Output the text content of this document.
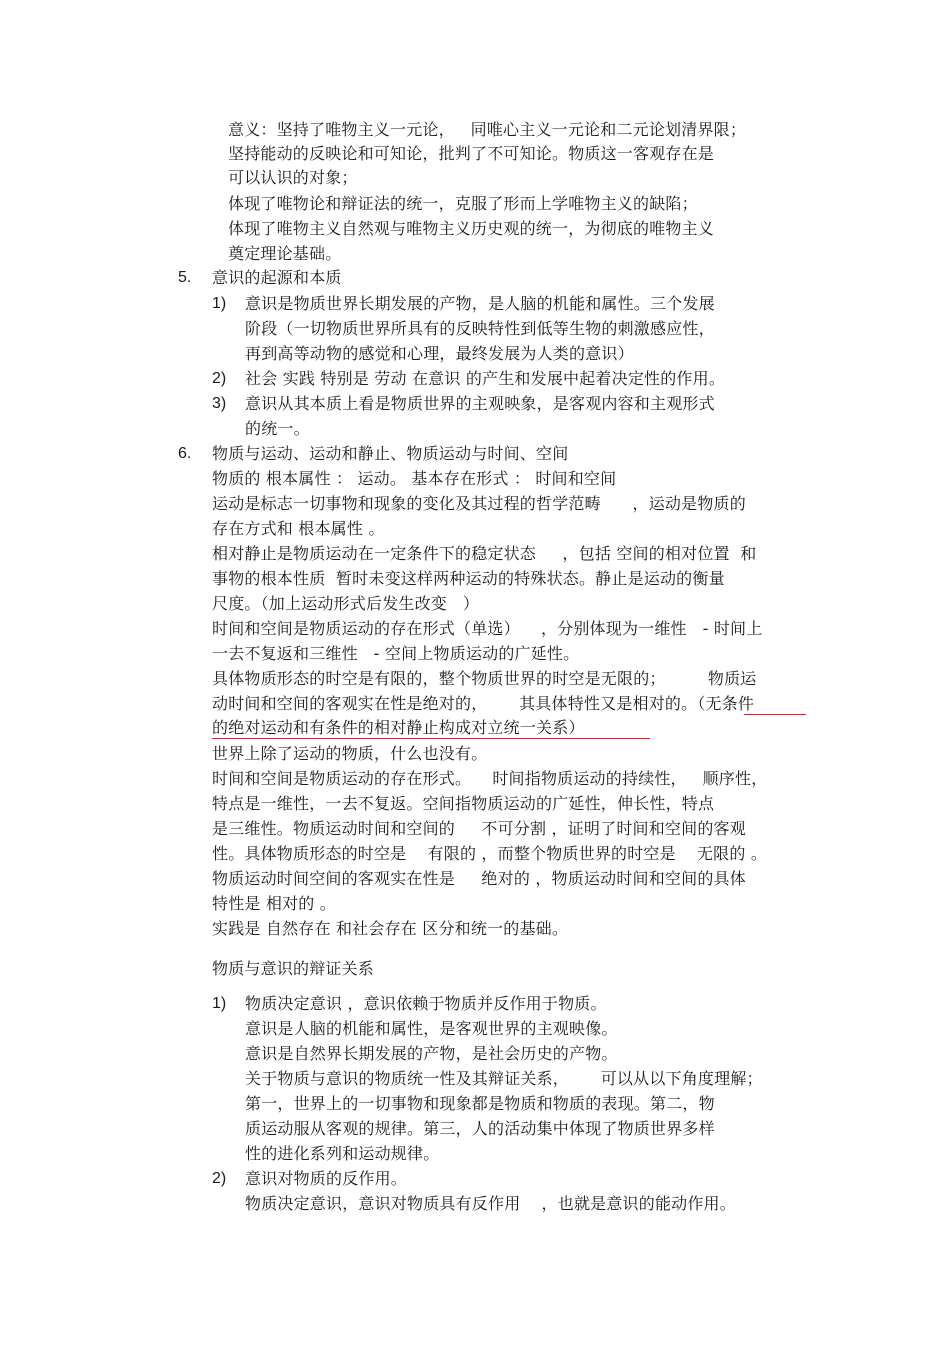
意义：坚持了唯物主义一元论，   同唯心主义一元论和二元论划清界限；
坚持能动的反映论和可知论，批判了不可知论。物质这一客观存在是
可以认识的对象；
体现了唯物论和辩证法的统一，克服了形而上学唯物主义的缺陷；
体现了唯物主义自然观与唯物主义历史观的统一，为彻底的唯物主义
奠定理论基础。
5. 意识的起源和本质
1) 意识是物质世界长期发展的产物，是人脑的机能和属性。三个发展
阶段（一切物质世界所具有的反映特性到低等生物的刺激感应性，
再到高等动物的感觉和心理，最终发展为人类的意识）
2) 社会 实践 特别是 劳动 在意识 的产生和发展中起着决定性的作用。
3) 意识从其本质上看是物质世界的主观映象，是客观内容和主观形式
的统一。
6. 物质与运动、运动和静止、物质运动与时间、空间
物质的 根本属性 ： 运动。 基本存在形式 ： 时间和空间
运动是标志一切事物和现象的变化及其过程的哲学范畴      ，运动是物质的
存在方式和 根本属性 。
相对静止是物质运动在一定条件下的稳定状态     ，包括 空间的相对位置  和
事物的根本性质  暂时未变这样两种运动的特殊状态。静止是运动的衡量
尺度。（加上运动形式后发生改变   ）
时间和空间是物质运动的存在形式（单选）    ，分别体现为一维性   - 时间上
一去不复返和三维性   - 空间上物质运动的广延性。
具体物质形态的时空是有限的，整个物质世界的时空是无限的；        物质运
动时间和空间的客观实在性是绝对的，      其具体特性又是相对的。（无条件
的绝对运动和有条件的相对静止构成对立统一关系）
世界上除了运动的物质，什么也没有。
时间和空间是物质运动的存在形式。    时间指物质运动的持续性，   顺序性，
特点是一维性，一去不复返。空间指物质运动的广延性，伸长性，特点
是三维性。物质运动时间和空间的     不可分割 ，证明了时间和空间的客观
性。具体物质形态的时空是    有限的 ，而整个物质世界的时空是    无限的 。
物质运动时间空间的客观实在性是     绝对的 ，物质运动时间和空间的具体
特性是 相对的 。
实践是 自然存在 和社会存在 区分和统一的基础。
物质与意识的辩证关系
1) 物质决定意识 ，意识依赖于物质并反作用于物质。
意识是人脑的机能和属性，是客观世界的主观映像。
意识是自然界长期发展的产物，是社会历史的产物。
关于物质与意识的物质统一性及其辩证关系，      可以从以下角度理解；
第一，世界上的一切事物和现象都是物质和物质的表现。第二，物
质运动服从客观的规律。第三，人的活动集中体现了物质世界多样
性的进化系列和运动规律。
2) 意识对物质的反作用。
物质决定意识，意识对物质具有反作用    ，也就是意识的能动作用。
